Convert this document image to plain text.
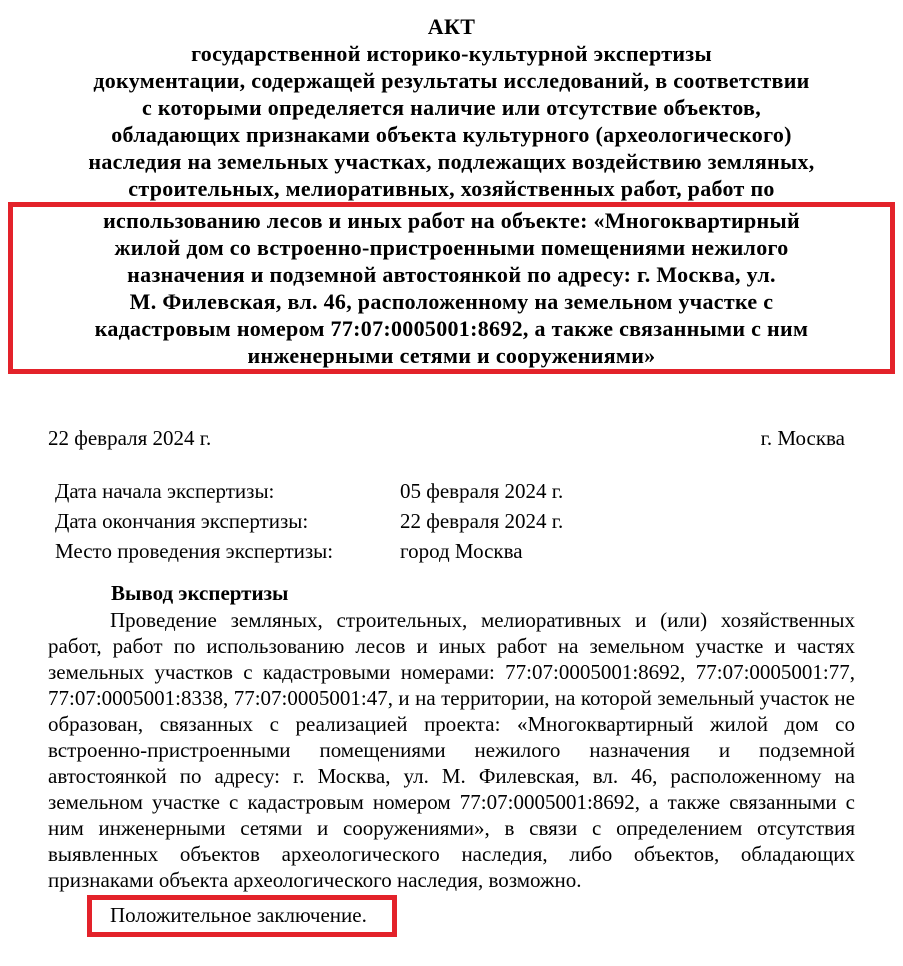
АКТ
государственной историко-культурной экспертизы
документации, содержащей результаты исследований, в соответствии
с которыми определяется наличие или отсутствие объектов,
обладающих признаками объекта культурного (археологического)
наследия на земельных участках, подлежащих воздействию земляных,
строительных, мелиоративных, хозяйственных работ, работ по
использованию лесов и иных работ на объекте: «Многоквартирный
жилой дом со встроенно-пристроенными помещениями нежилого
назначения и подземной автостоянкой по адресу: г. Москва, ул.
М. Филевская, вл. 46, расположенному на земельном участке с
кадастровым номером 77:07:0005001:8692, а также связанными с ним
инженерными сетями и сооружениями»
22 февраля 2024 г.	г. Москва
Дата начала экспертизы:	05 февраля 2024 г.
Дата окончания экспертизы:	22 февраля 2024 г.
Место проведения экспертизы:	город Москва
Вывод экспертизы

Проведение земляных, строительных, мелиоративных и (или) хозяйственных работ, работ по использованию лесов и иных работ на земельном участке и частях земельных участков с кадастровыми номерами: 77:07:0005001:8692, 77:07:0005001:77, 77:07:0005001:8338, 77:07:0005001:47, и на территории, на которой земельный участок не образован, связанных с реализацией проекта: «Многоквартирный жилой дом со встроенно-пристроенными помещениями нежилого назначения и подземной автостоянкой по адресу: г. Москва, ул. М. Филевская, вл. 46, расположенному на земельном участке с кадастровым номером 77:07:0005001:8692, а также связанными с ним инженерными сетями и сооружениями», в связи с определением отсутствия выявленных объектов археологического наследия, либо объектов, обладающих признаками объекта археологического наследия, возможно.

Положительное заключение.
